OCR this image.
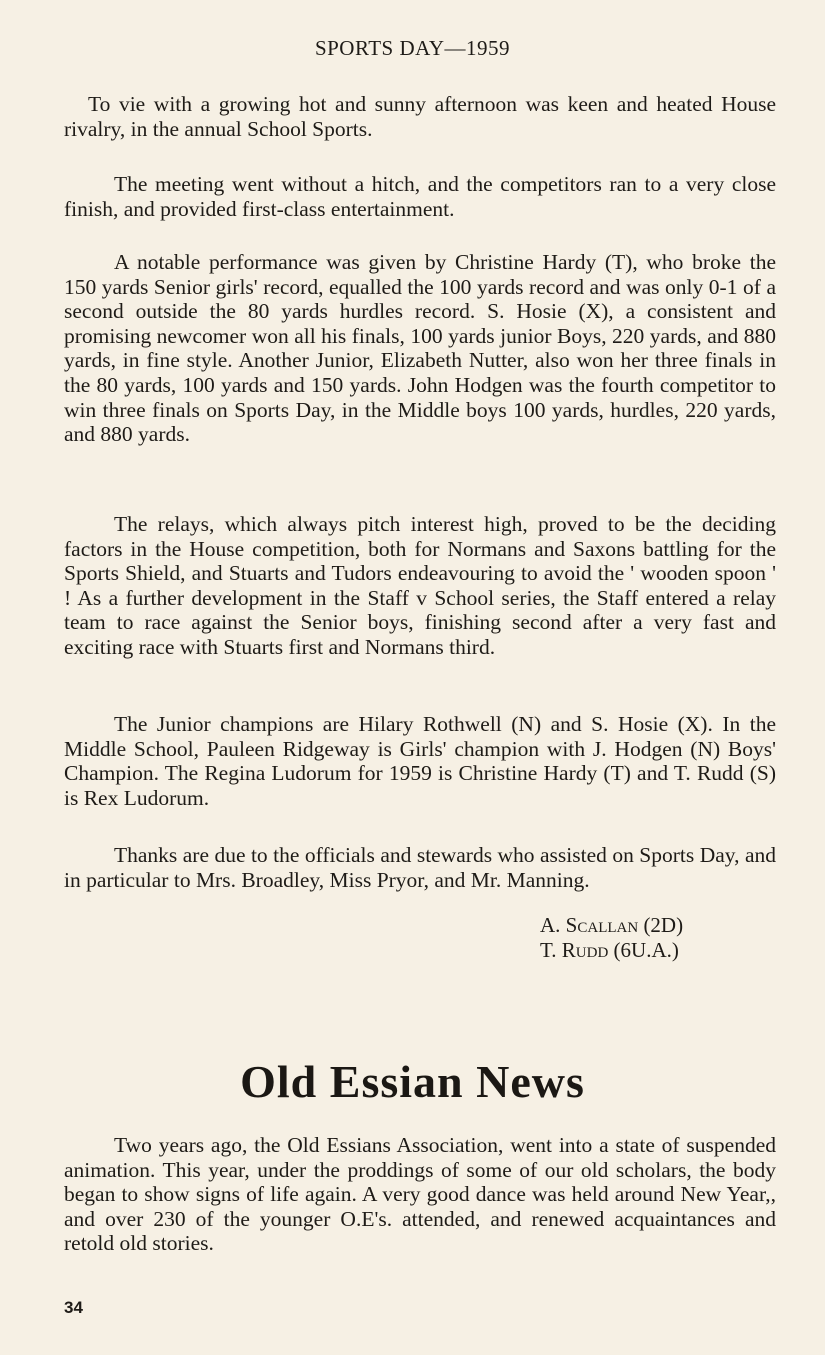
SPORTS DAY—1959

To vie with a growing hot and sunny afternoon was keen and heated House rivalry, in the annual School Sports.

The meeting went without a hitch, and the competitors ran to a very close finish, and provided first-class entertainment.

A notable performance was given by Christine Hardy (T), who broke the 150 yards Senior girls' record, equalled the 100 yards record and was only 0-1 of a second outside the 80 yards hurdles record. S. Hosie (X), a consistent and promising newcomer won all his finals, 100 yards junior Boys, 220 yards, and 880 yards, in fine style. Another Junior, Elizabeth Nutter, also won her three finals in the 80 yards, 100 yards and 150 yards. John Hodgen was the fourth competitor to win three finals on Sports Day, in the Middle boys 100 yards, hurdles, 220 yards, and 880 yards.

The relays, which always pitch interest high, proved to be the deciding factors in the House competition, both for Normans and Saxons battling for the Sports Shield, and Stuarts and Tudors endeavouring to avoid the ' wooden spoon ' ! As a further development in the Staff v School series, the Staff entered a relay team to race against the Senior boys, finishing second after a very fast and exciting race with Stuarts first and Normans third.

The Junior champions are Hilary Rothwell (N) and S. Hosie (X). In the Middle School, Pauleen Ridgeway is Girls' champion with J. Hodgen (N) Boys' Champion. The Regina Ludorum for 1959 is Christine Hardy (T) and T. Rudd (S) is Rex Ludorum.

Thanks are due to the officials and stewards who assisted on Sports Day, and in particular to Mrs. Broadley, Miss Pryor, and Mr. Manning.

A. Scallan (2D)
T. Rudd (6U.A.)
Old Essian News

Two years ago, the Old Essians Association, went into a state of suspended animation. This year, under the proddings of some of our old scholars, the body began to show signs of life again. A very good dance was held around New Year,, and over 230 of the younger O.E's. attended, and renewed acquaintances and retold old stories.

34
